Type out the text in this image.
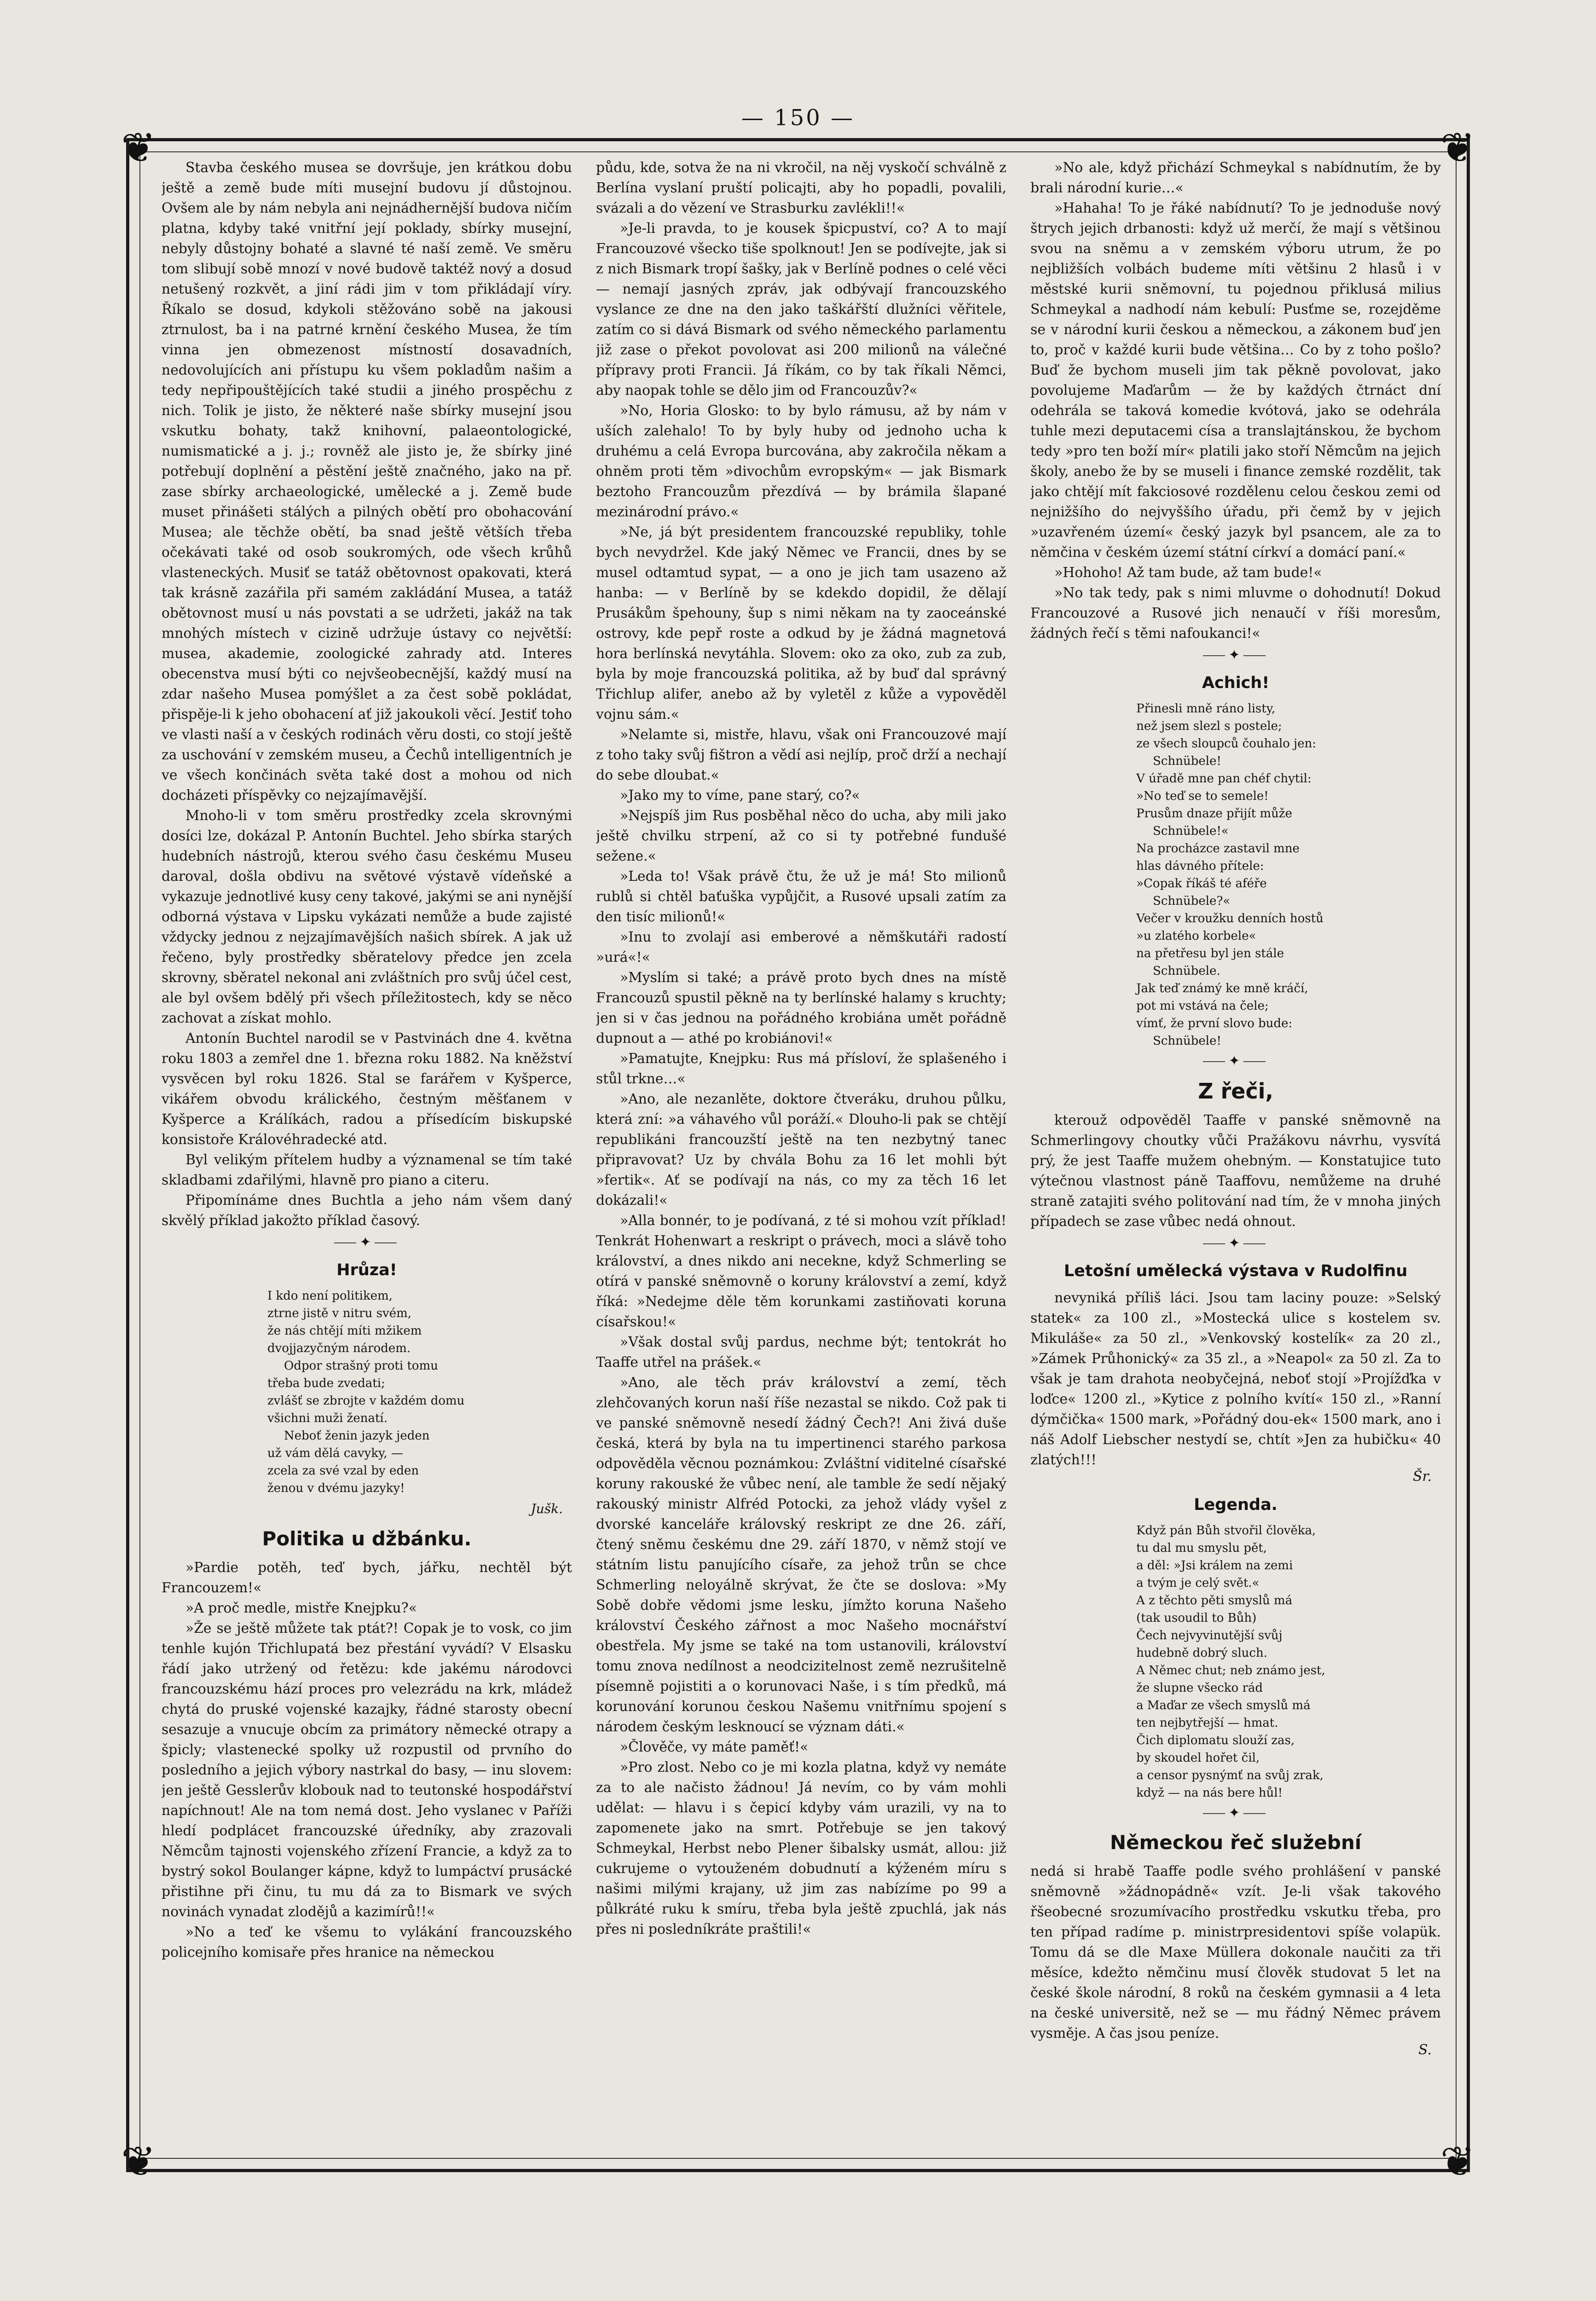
— 150 —
❦	❦
❦	❦

Stavba českého musea se dovršuje, jen krátkou dobu ještě a země bude míti musejní budovu jí důstojnou. Ovšem ale by nám nebyla ani nejnádhernější budova ničím platna, kdyby také vnitřní její poklady, sbírky musejní, nebyly důstojny bohaté a slavné té naší země. Ve směru tom slibují sobě mnozí v nové budově taktéž nový a dosud netušený rozkvět, a jiní rádi jim v tom přikládají víry. Říkalo se dosud, kdykoli stěžováno sobě na jakousi ztrnulost, ba i na patrné krnění českého Musea, že tím vinna jen obmezenost místností dosavadních, nedovolujících ani přístupu ku všem pokladům našim a tedy nepřipouštějících také studii a jiného prospěchu z nich. Tolik je jisto, že některé naše sbírky musejní jsou vskutku bohaty, takž knihovní, palaeontologické, numismatické a j. j.; rovněž ale jisto je, že sbírky jiné potřebují doplnění a pěstění ještě značného, jako na př. zase sbírky archaeologické, umělecké a j. Země bude muset přinášeti stálých a pilných obětí pro obohacování Musea; ale těchže obětí, ba snad ještě větších třeba očekávati také od osob soukromých, ode všech krůhů vlasteneckých. Musiť se tatáž obětovnost opakovati, která tak krásně zazářila při samém zakládání Musea, a tatáž obětovnost musí u nás povstati a se udržeti, jakáž na tak mnohých místech v cizině udržuje ústavy co největší: musea, akademie, zoologické zahrady atd. Interes obecenstva musí býti co nejvšeobecnější, každý musí na zdar našeho Musea pomýšlet a za čest sobě pokládat, přispěje-li k jeho obohacení ať již jakoukoli věcí. Jestiť toho ve vlasti naší a v českých rodinách věru dosti, co stojí ještě za uschování v zemském museu, a Čechů intelligentních je ve všech končinách světa také dost a mohou od nich docházeti příspěvky co nejzajímavější.

Mnoho-li v tom směru prostředky zcela skrovnými dosíci lze, dokázal P. Antonín Buchtel. Jeho sbírka starých hudebních nástrojů, kterou svého času českému Museu daroval, došla obdivu na světové výstavě vídeňské a vykazuje jednotlivé kusy ceny takové, jakými se ani nynější odborná výstava v Lipsku vykázati nemůže a bude zajisté vždycky jednou z nejzajímavějších našich sbírek. A jak už řečeno, byly prostředky sběratelovy předce jen zcela skrovny, sběratel nekonal ani zvláštních pro svůj účel cest, ale byl ovšem bdělý při všech příležitostech, kdy se něco zachovat a získat mohlo.

Antonín Buchtel narodil se v Pastvinách dne 4. května roku 1803 a zemřel dne 1. března roku 1882. Na kněžství vysvěcen byl roku 1826. Stal se farářem v Kyšperce, vikářem obvodu králického, čestným měšťanem v Kyšperce a Králíkách, radou a přísedícím biskupské konsistoře Královéhradecké atd.

Byl velikým přítelem hudby a významenal se tím také skladbami zdařilými, hlavně pro piano a citeru.

Připomínáme dnes Buchtla a jeho nám všem daný skvělý příklad jakožto příklad časový.

⸺✦⸺
Hrůza!
I kdo není politikem,
ztrne jistě v nitru svém,
že nás chtějí míti mžikem
dvojjazyčným národem.
Odpor strašný proti tomu
třeba bude zvedati;
zvlášť se zbrojte v každém domu
všichni muži ženatí.
Neboť ženin jazyk jeden
už vám dělá cavyky, —
zcela za své vzal by eden
ženou v dvému jazyky!
Jušk.
Politika u džbánku.

»Pardie potěh, teď bych, jářku, nechtěl být Francouzem!«

»A proč medle, mistře Knejpku?«

»Že se ještě můžete tak ptát?! Copak je to vosk, co jim tenhle kujón Třichlupatá bez přestání vyvádí? V Elsasku řádí jako utržený od řetězu: kde jakému národovci francouzskému hází proces pro velezrádu na krk, mládež chytá do pruské vojenské kazajky, řádné starosty obecní sesazuje a vnucuje obcím za primátory německé otrapy a špicly; vlastenecké spolky už rozpustil od prvního do posledního a jejich výbory nastrkal do basy, — inu slovem: jen ještě Gesslerův klobouk nad to teutonské hospodářství napíchnout! Ale na tom nemá dost. Jeho vyslanec v Paříži hledí podplácet francouzské úředníky, aby zrazovali Němcům tajnosti vojenského zřízení Francie, a když za to bystrý sokol Boulanger kápne, když to lumpáctví prusácké přistihne při činu, tu mu dá za to Bismark ve svých novinách vynadat zlodějů a kazimírů!!«

»No a teď ke všemu to vylákání francouzského policejního komisaře přes hranice na německou

půdu, kde, sotva že na ni vkročil, na něj vyskočí schválně z Berlína vyslaní pruští policajti, aby ho popadli, povalili, svázali a do vězení ve Strasburku zavlékli!!«

»Je-li pravda, to je kousek špicpuství, co? A to mají Francouzové všecko tiše spolknout! Jen se podívejte, jak si z nich Bismark tropí šašky, jak v Berlíně podnes o celé věci — nemají jasných zpráv, jak odbývají francouzského vyslance ze dne na den jako taškářští dlužníci věřitele, zatím co si dává Bismark od svého německého parlamentu již zase o překot povolovat asi 200 milionů na válečné přípravy proti Francii. Já říkám, co by tak říkali Němci, aby naopak tohle se dělo jim od Francouzův?«

»No, Horia Glosko: to by bylo rámusu, až by nám v uších zalehalo! To by byly huby od jednoho ucha k druhému a celá Evropa burcována, aby zakročila někam a ohněm proti těm »divochům evropským« — jak Bismark beztoho Francouzům přezdívá — by brámila šlapané mezinárodní právo.«

»Ne, já být presidentem francouzské republiky, tohle bych nevydržel. Kde jaký Němec ve Francii, dnes by se musel odtamtud sypat, — a ono je jich tam usazeno až hanba: — v Berlíně by se kdekdo dopidil, že dělají Prusákům špehouny, šup s nimi někam na ty zaoceánské ostrovy, kde pepř roste a odkud by je žádná magnetová hora berlínská nevytáhla. Slovem: oko za oko, zub za zub, byla by moje francouzská politika, až by buď dal správný Třichlup alifer, anebo až by vyletěl z kůže a vypověděl vojnu sám.«

»Nelamte si, mistře, hlavu, však oni Francouzové mají z toho taky svůj fištron a vědí asi nejlíp, proč drží a nechají do sebe dloubat.«

»Jako my to víme, pane starý, co?«

»Nejspíš jim Rus posběhal něco do ucha, aby mili jako ještě chvilku strpení, až co si ty potřebné fundušé sežene.«

»Leda to! Však právě čtu, že už je má! Sto milionů rublů si chtěl baťuška vypůjčit, a Rusové upsali zatím za den tisíc milionů!«

»Inu to zvolají asi emberové a němškutáři radostí »urá«!«

»Myslím si také; a právě proto bych dnes na místě Francouzů spustil pěkně na ty berlínské halamy s kruchty; jen si v čas jednou na pořádného krobiána umět pořádně dupnout a — athé po krobiánovi!«

»Pamatujte, Knejpku: Rus má přísloví, že splašeného i stůl trkne…«

»Ano, ale nezanlěte, doktore čtveráku, druhou půlku, která zní: »a váhavého vůl poráží.« Dlouho-li pak se chtějí republikáni francouzští ještě na ten nezbytný tanec připravovat? Uz by chvála Bohu za 16 let mohli být »fertik«. Ať se podívají na nás, co my za těch 16 let dokázali!«

»Alla bonnér, to je podívaná, z té si mohou vzít příklad! Tenkrát Hohenwart a reskript o právech, moci a slávě toho království, a dnes nikdo ani necekne, když Schmerling se otírá v panské sněmovně o koruny království a zemí, když říká: »Nedejme děle těm korunkami zastiňovati koruna císařskou!«

»Však dostal svůj pardus, nechme být; tentokrát ho Taaffe utřel na prášek.«

»Ano, ale těch práv království a zemí, těch zlehčovaných korun naší říše nezastal se nikdo. Což pak ti ve panské sněmovně nesedí žádný Čech?! Ani živá duše česká, která by byla na tu impertinenci starého parkosa odpověděla věcnou poznámkou: Zvláštní viditelné císařské koruny rakouské že vůbec není, ale tamble že sedí nějaký rakouský ministr Alfréd Potocki, za jehož vlády vyšel z dvorské kanceláře královský reskript ze dne 26. září, čtený sněmu českému dne 29. září 1870, v němž stojí ve státním listu panujícího císaře, za jehož trůn se chce Schmerling neloyálně skrývat, že čte se doslova: »My Sobě dobře vědomi jsme lesku, jímžto koruna Našeho království Českého zářnost a moc Našeho mocnářství obestřela. My jsme se také na tom ustanovili, království tomu znova nedílnost a neodcizitelnost země nezrušitelně písemně pojistiti a o korunovaci Naše, i s tím předků, má korunování korunou českou Našemu vnitřnímu spojení s národem českým lesknoucí se význam dáti.«

»Člověče, vy máte paměť!«

»Pro zlost. Nebo co je mi kozla platna, když vy nemáte za to ale načisto žádnou! Já nevím, co by vám mohli udělat: — hlavu i s čepicí kdyby vám urazili, vy na to zapomenete jako na smrt. Potřebuje se jen takový Schmeykal, Herbst nebo Plener šibalsky usmát, allou: již cukrujeme o vytouženém dobudnutí a kýženém míru s našimi milými krajany, už jim zas nabízíme po 99 a půlkráté ruku k smíru, třeba byla ještě zpuchlá, jak nás přes ni posledníkráte praštili!«

»No ale, když přichází Schmeykal s nabídnutím, že by brali národní kurie…«

»Hahaha! To je řáké nabídnutí? To je jednoduše nový štrych jejich drbanosti: když už merčí, že mají s většinou svou na sněmu a v zemském výboru utrum, že po nejbližších volbách budeme míti většinu 2 hlasů i v městské kurii sněmovní, tu pojednou přiklusá milius Schmeykal a nadhodí nám kebulí: Pusťme se, rozejděme se v národní kurii českou a německou, a zákonem buď jen to, proč v každé kurii bude většina… Co by z toho pošlo? Buď že bychom museli jim tak pěkně povolovat, jako povolujeme Maďarům — že by každých čtrnáct dní odehrála se taková komedie kvótová, jako se odehrála tuhle mezi deputacemi císa a translajtánskou, že bychom tedy »pro ten boží mír« platili jako stoří Němcům na jejich školy, anebo že by se museli i finance zemské rozdělit, tak jako chtějí mít fakciosové rozdělenu celou českou zemi od nejnižšího do nejvyššího úřadu, při čemž by v jejich »uzavřeném území« český jazyk byl psancem, ale za to němčina v českém území státní církví a domácí paní.«

»Hohoho! Až tam bude, až tam bude!«

»No tak tedy, pak s nimi mluvme o dohodnutí! Dokud Francouzové a Rusové jich nenaučí v říši moresům, žádných řečí s těmi nafoukanci!«

⸺✦⸺
Achich!
Přinesli mně ráno listy,
než jsem slezl s postele;
ze všech sloupců čouhalo jen:
Schnübele!
V úřadě mne pan chéf chytil:
»No teď se to semele!
Prusům dnaze přijít může
Schnübele!«
Na procházce zastavil mne
hlas dávného přítele:
»Copak říkáš té aféře
Schnübele?«
Večer v kroužku denních hostů
»u zlatého korbele«
na přetřesu byl jen stále
Schnübele.
Jak teď známý ke mně kráčí,
pot mi vstává na čele;
vímť, že první slovo bude:
Schnübele!
⸺✦⸺
Z řeči,

kterouž odpověděl Taaffe v panské sněmovně na Schmerlingovy choutky vůči Pražákovu návrhu, vysvítá prý, že jest Taaffe mužem ohebným. — Konstatujice tuto výtečnou vlastnost páně Taaffovu, nemůžeme na druhé straně zatajiti svého politování nad tím, že v mnoha jiných případech se zase vůbec nedá ohnout.

⸺✦⸺
Letošní umělecká výstava v Rudolfinu

nevyniká příliš láci. Jsou tam laciny pouze: »Selský statek« za 100 zl., »Mostecká ulice s kostelem sv. Mikuláše« za 50 zl., »Venkovský kostelík« za 20 zl., »Zámek Průhonický« za 35 zl., a »Neapol« za 50 zl. Za to však je tam drahota neobyčejná, neboť stojí »Projížďka v loďce« 1200 zl., »Kytice z polního kvítí« 150 zl., »Ranní dýmčička« 1500 mark, »Pořádný dou‑ek« 1500 mark, ano i náš Adolf Liebscher nestydí se, chtít »Jen za hubičku« 40 zlatých!!!

Šr.
Legenda.
Když pán Bůh stvořil člověka,
tu dal mu smyslu pět,
a děl: »Jsi králem na zemi
a tvým je celý svět.«
A z těchto pěti smyslů má
(tak usoudil to Bůh)
Čech nejvyvinutější svůj
hudebně dobrý sluch.
A Němec chut; neb známo jest,
že slupne všecko rád
a Maďar ze všech smyslů má
ten nejbytřejší — hmat.
Čich diplomatu slouží zas,
by skoudel hořet čil,
a censor pysnýmť na svůj zrak,
když — na nás bere hůl!
⸺✦⸺
Německou řeč služební

nedá si hrabě Taaffe podle svého prohlášení v panské sněmovně »žádnopádně« vzít. Je-li však takového řšeobecné srozumívacího prostředku vskutku třeba, pro ten případ radíme p. ministrpresidentovi spíše volapük. Tomu dá se dle Maxe Müllera dokonale naučiti za tři měsíce, kdežto němčinu musí člověk studovat 5 let na české škole národní, 8 roků na českém gymnasii a 4 leta na české universitě, než se — mu řádný Němec právem vysměje. A čas jsou peníze.

S.
